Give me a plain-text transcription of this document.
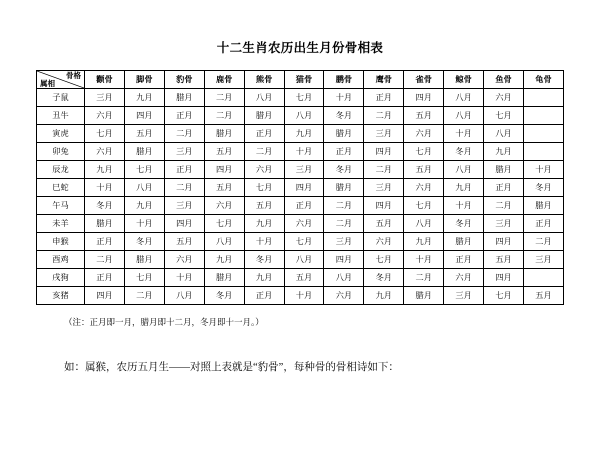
十二生肖农历出生月份骨相表
骨格
属相	颧骨	脚骨	豹骨	鹿骨	熊骨	猫骨	鹏骨	鹰骨	雀骨	鲸骨	鱼骨	龟骨
子鼠	三月	九月	腊月	二月	八月	七月	十月	正月	四月	八月	六月	
丑牛	六月	四月	正月	二月	腊月	八月	冬月	二月	五月	八月	七月	
寅虎	七月	五月	二月	腊月	正月	九月	腊月	三月	六月	十月	八月	
卯兔	六月	腊月	三月	五月	二月	十月	正月	四月	七月	冬月	九月	
辰龙	九月	七月	正月	四月	六月	三月	冬月	二月	五月	八月	腊月	十月
巳蛇	十月	八月	二月	五月	七月	四月	腊月	三月	六月	九月	正月	冬月
午马	冬月	九月	三月	六月	五月	正月	二月	四月	七月	十月	二月	腊月
未羊	腊月	十月	四月	七月	九月	六月	二月	五月	八月	冬月	三月	正月
申猴	正月	冬月	五月	八月	十月	七月	三月	六月	九月	腊月	四月	二月
酉鸡	二月	腊月	六月	九月	冬月	八月	四月	七月	十月	正月	五月	三月
戌狗	正月	七月	十月	腊月	九月	五月	八月	冬月	二月	六月	四月	
亥猪	四月	二月	八月	冬月	正月	十月	六月	九月	腊月	三月	七月	五月
（注：正月即一月，腊月即十二月，冬月即十一月。）
如：属猴，农历五月生——对照上表就是“豹骨”，每种骨的骨相诗如下：
